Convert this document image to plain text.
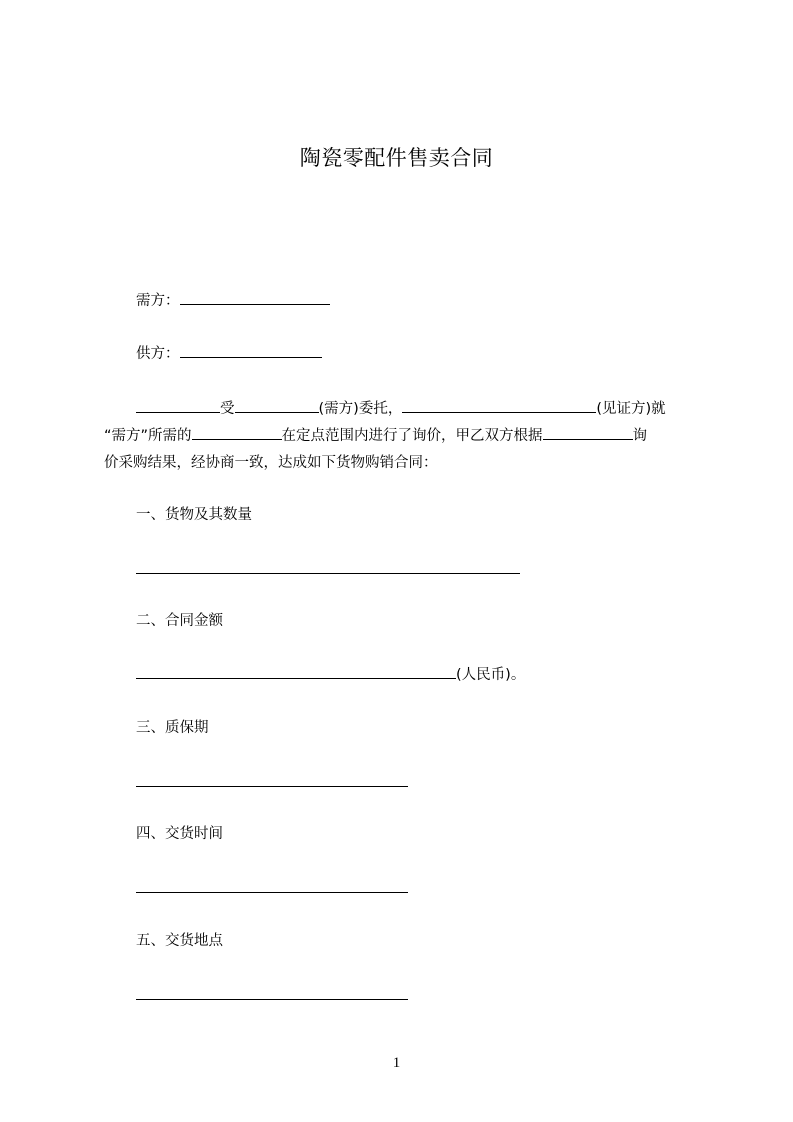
陶瓷零配件售卖合同
需方：
供方：
受	(需方)委托，	(见证方)就
“需方”所需的	在定点范围内进行了询价，甲乙双方根据	询
价采购结果，经协商一致，达成如下货物购销合同：
一、货物及其数量
二、合同金额
(人民币)。
三、质保期
四、交货时间
五、交货地点
1
